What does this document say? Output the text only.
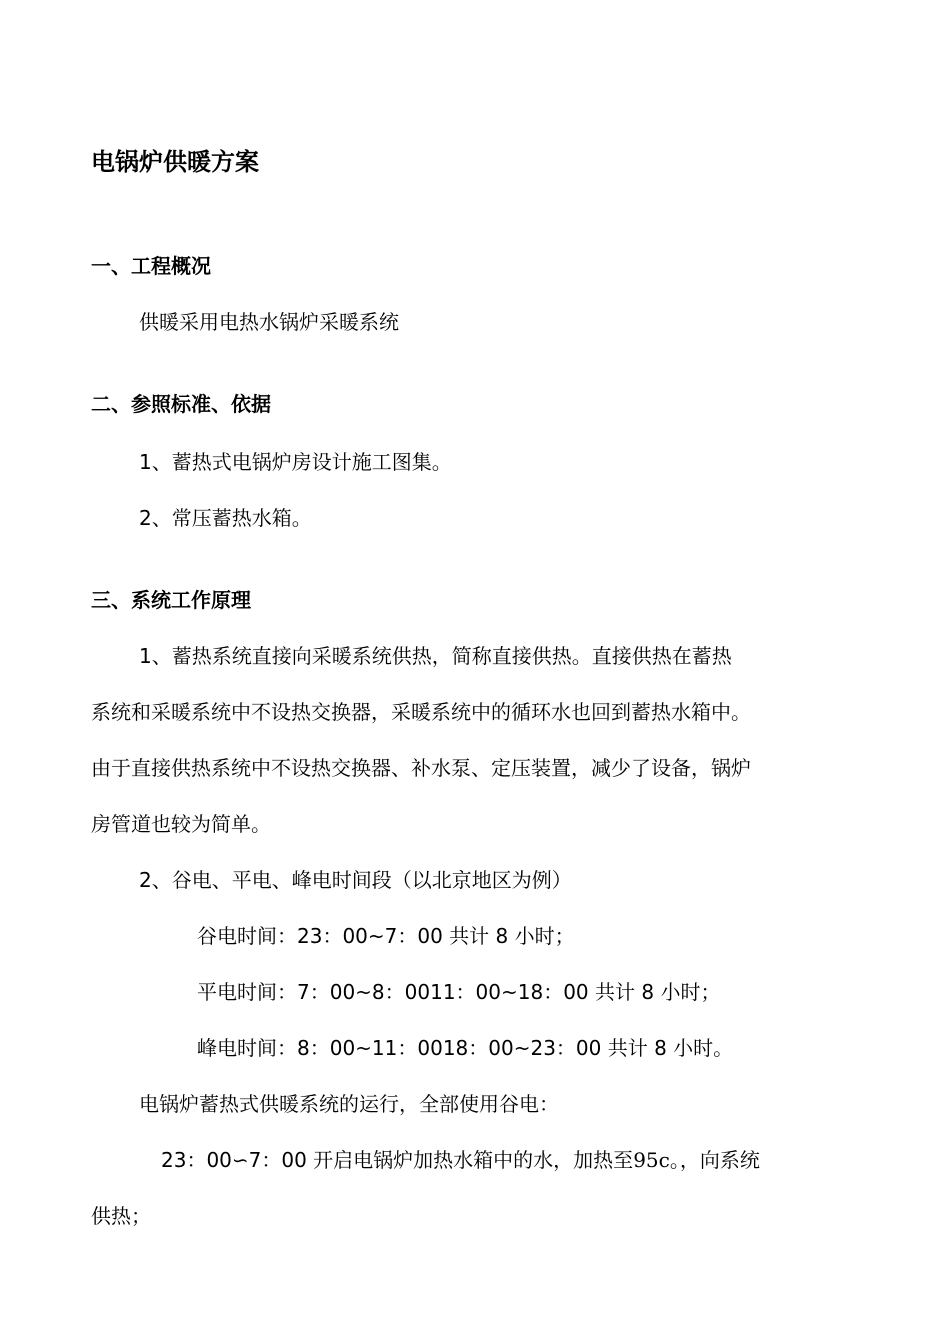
电锅炉供暖方案
一、工程概况
供暖采用电热水锅炉采暖系统
二、参照标准、依据
1、蓄热式电锅炉房设计施工图集。
2、常压蓄热水箱。
三、系统工作原理
1、蓄热系统直接向采暖系统供热，简称直接供热。直接供热在蓄热
系统和采暖系统中不设热交换器，采暖系统中的循环水也回到蓄热水箱中。
由于直接供热系统中不设热交换器、补水泵、定压装置，减少了设备，锅炉
房管道也较为简单。
2、谷电、平电、峰电时间段（以北京地区为例）
谷电时间：23：00~7：00 共计 8 小时；
平电时间：7：00~8：0011：00~18：00 共计 8 小时；
峰电时间：8：00~11：0018：00~23：00 共计 8 小时。
电锅炉蓄热式供暖系统的运行，全部使用谷电：
23：00∽7：00 开启电锅炉加热水箱中的水，加热至95c。，向系统
供热；
